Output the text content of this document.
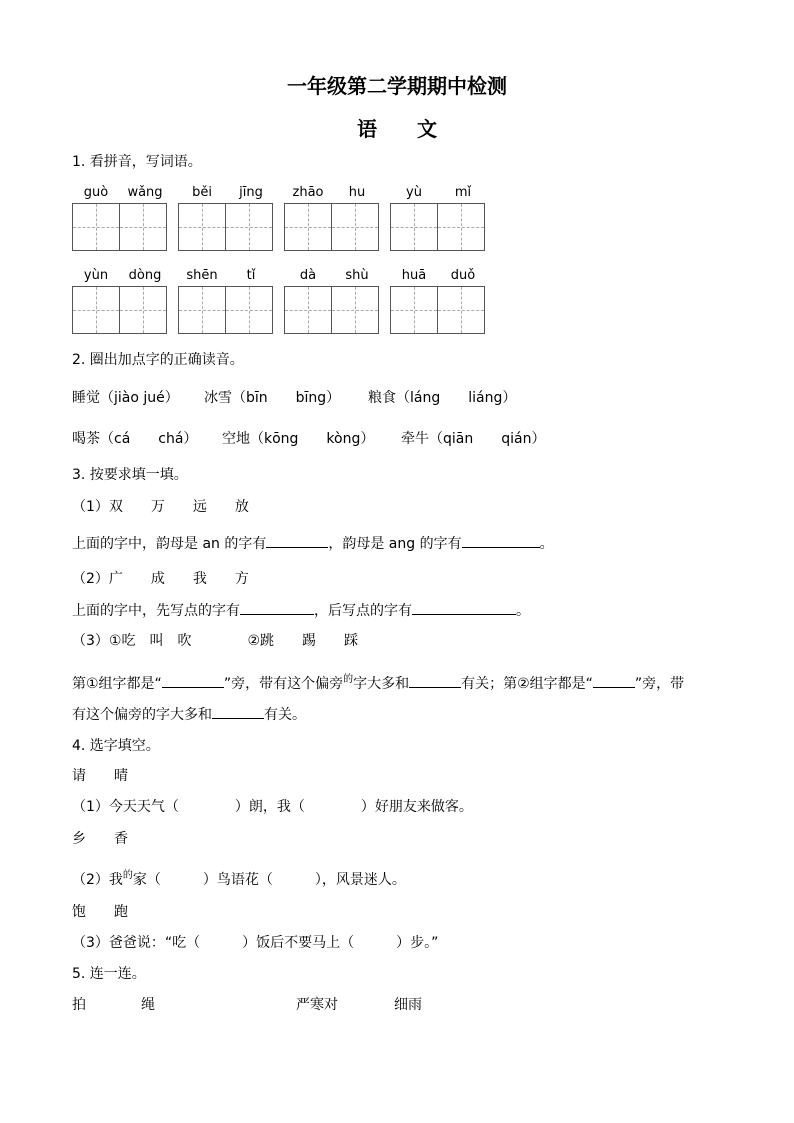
一年级第二学期期中检测
语　　文
1. 看拼音，写词语。
guò	wǎng	běi	jīng	zhāo	hu	yù	mǐ
yùn	dòng	shēn	tǐ	dà	shù	huā	duǒ
2. 圈出加点字的正确读音。
睡觉（jiào jué） 冰雪（bīn　　bīng） 粮食（láng　　liáng）
喝茶（cá　　chá） 空地（kōng　　kòng） 牵牛（qiān　　qián）
3. 按要求填一填。
（1）双　　万　　远　　放
上面的字中，韵母是 an 的字有	，韵母是 ang 的字有	。
（2）广　　成　　我　　方
上面的字中，先写点的字有	，后写点的字有	。
（3）①吃　叫　吹　　　　②跳　　踢　　踩
第①组字都是“	”旁，带有这个偏旁$^的$字大多和	有关；第②组字都是“	”旁，带
有这个偏旁的字大多和	有关。
4. 选字填空。
请　　晴
（1）今天天气（　　　　）朗，我（　　　　）好朋友来做客。
乡　　香
（2）我$^的$家（　　　）鸟语花（　　　），风景迷人。
饱　　跑
（3）爸爸说：“吃（　　　）饭后不要马上（　　　）步。”
5. 连一连。
拍	绳	严寒对	细雨
